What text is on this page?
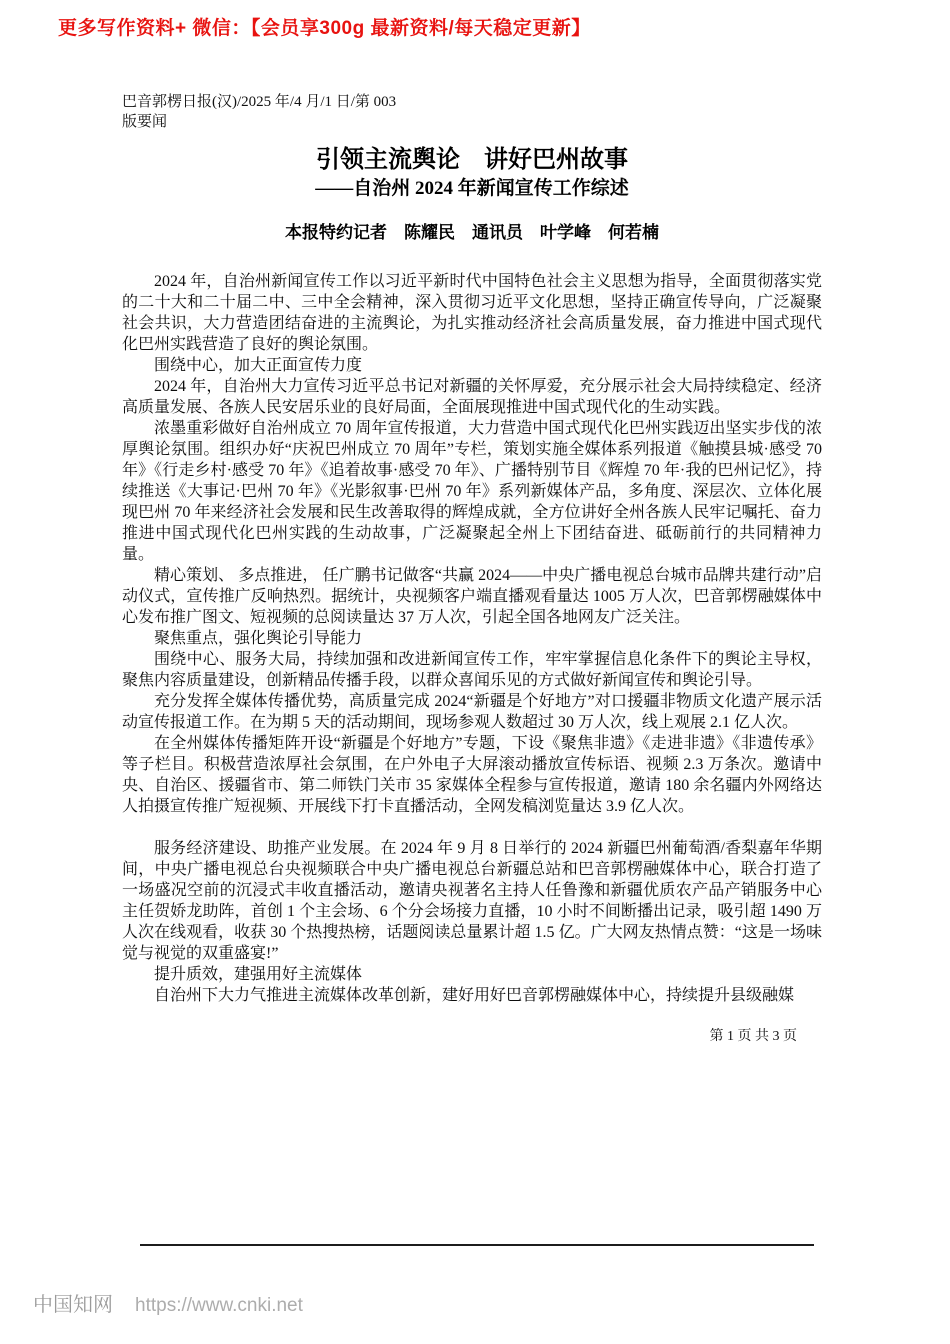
更多写作资料+ 微信：【会员享300g 最新资料/每天稳定更新】
巴音郭楞日报(汉)/2025 年/4 月/1 日/第 003
版要闻
引领主流舆论　讲好巴州故事
——自治州 2024 年新闻宣传工作综述
本报特约记者　陈耀民　通讯员　叶学峰　何若楠

2024 年，自治州新闻宣传工作以习近平新时代中国特色社会主义思想为指导，全面贯彻落实党的二十大和二十届二中、三中全会精神，深入贯彻习近平文化思想，坚持正确宣传导向，广泛凝聚社会共识，大力营造团结奋进的主流舆论，为扎实推动经济社会高质量发展，奋力推进中国式现代化巴州实践营造了良好的舆论氛围。

围绕中心，加大正面宣传力度

2024 年，自治州大力宣传习近平总书记对新疆的关怀厚爱，充分展示社会大局持续稳定、经济高质量发展、各族人民安居乐业的良好局面，全面展现推进中国式现代化的生动实践。

浓墨重彩做好自治州成立 70 周年宣传报道，大力营造中国式现代化巴州实践迈出坚实步伐的浓厚舆论氛围。组织办好“庆祝巴州成立 70 周年”专栏，策划实施全媒体系列报道《触摸县城·感受 70 年》《行走乡村·感受 70 年》《追着故事·感受 70 年》、广播特别节目《辉煌 70 年·我的巴州记忆》，持续推送《大事记·巴州 70 年》《光影叙事·巴州 70 年》系列新媒体产品，多角度、深层次、立体化展现巴州 70 年来经济社会发展和民生改善取得的辉煌成就，全方位讲好全州各族人民牢记嘱托、奋力推进中国式现代化巴州实践的生动故事，广泛凝聚起全州上下团结奋进、砥砺前行的共同精神力量。

精心策划、 多点推进， 任广鹏书记做客“共赢 2024——中央广播电视总台城市品牌共建行动”启动仪式，宣传推广反响热烈。据统计，央视频客户端直播观看量达 1005 万人次，巴音郭楞融媒体中心发布推广图文、短视频的总阅读量达 37 万人次，引起全国各地网友广泛关注。

聚焦重点，强化舆论引导能力

围绕中心、服务大局，持续加强和改进新闻宣传工作，牢牢掌握信息化条件下的舆论主导权，聚焦内容质量建设，创新精品传播手段，以群众喜闻乐见的方式做好新闻宣传和舆论引导。

充分发挥全媒体传播优势，高质量完成 2024“新疆是个好地方”对口援疆非物质文化遗产展示活动宣传报道工作。在为期 5 天的活动期间，现场参观人数超过 30 万人次，线上观展 2.1 亿人次。

在全州媒体传播矩阵开设“新疆是个好地方”专题，下设《聚焦非遗》《走进非遗》《非遗传承》等子栏目。积极营造浓厚社会氛围，在户外电子大屏滚动播放宣传标语、视频 2.3 万条次。邀请中央、自治区、援疆省市、第二师铁门关市 35 家媒体全程参与宣传报道，邀请 180 余名疆内外网络达人拍摄宣传推广短视频、开展线下打卡直播活动，全网发稿浏览量达 3.9 亿人次。

服务经济建设、助推产业发展。在 2024 年 9 月 8 日举行的 2024 新疆巴州葡萄酒/香梨嘉年华期间，中央广播电视总台央视频联合中央广播电视总台新疆总站和巴音郭楞融媒体中心，联合打造了一场盛况空前的沉浸式丰收直播活动，邀请央视著名主持人任鲁豫和新疆优质农产品产销服务中心主任贺娇龙助阵，首创 1 个主会场、6 个分会场接力直播，10 小时不间断播出记录，吸引超 1490 万人次在线观看，收获 30 个热搜热榜，话题阅读总量累计超 1.5 亿。广大网友热情点赞：“这是一场味觉与视觉的双重盛宴!”

提升质效，建强用好主流媒体

自治州下大力气推进主流媒体改革创新，建好用好巴音郭楞融媒体中心，持续提升县级融媒

第 1 页 共 3 页
中国知网 https://www.cnki.net
